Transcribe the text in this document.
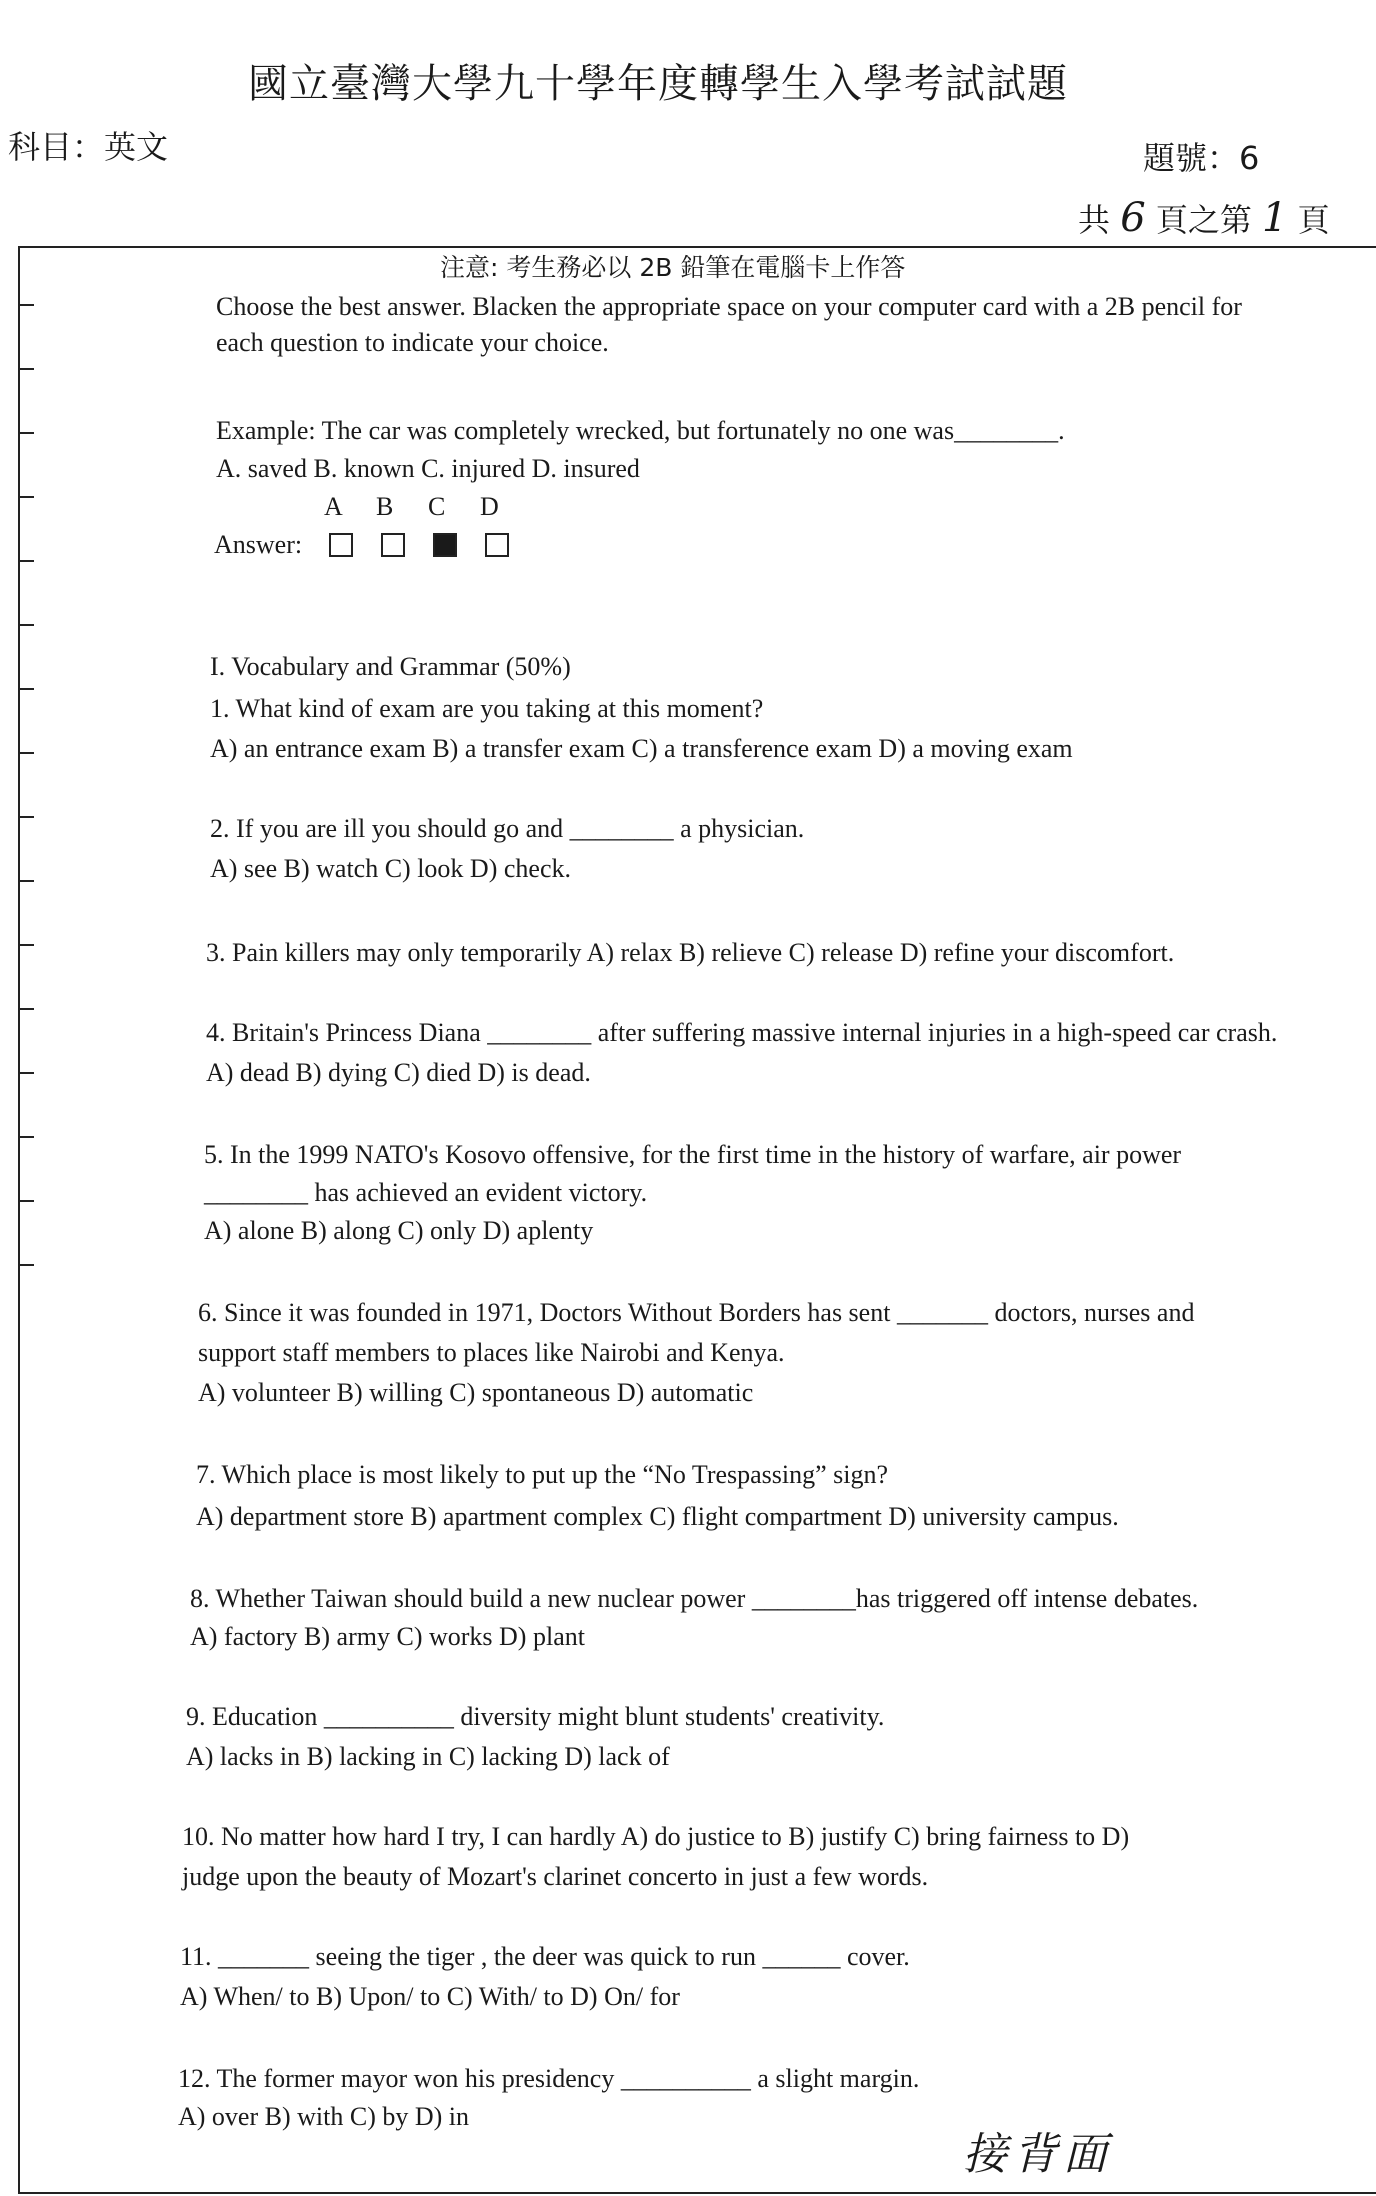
國立臺灣大學九十學年度轉學生入學考試試題
科目：英文	題號：6
共 6 頁之第 1 頁
注意: 考生務必以 2B 鉛筆在電腦卡上作答
Choose the best answer. Blacken the appropriate space on your computer card with a 2B pencil for
each question to indicate your choice.
Example: The car was completely wrecked, but fortunately no one was________.
A. saved B. known C. injured D. insured
A B C D
Answer:
I. Vocabulary and Grammar (50%)
1. What kind of exam are you taking at this moment?
A) an entrance exam B) a transfer exam C) a transference exam D) a moving exam
2. If you are ill you should go and ________ a physician.
A) see B) watch C) look D) check.
3. Pain killers may only temporarily A) relax B) relieve C) release D) refine your discomfort.
4. Britain's Princess Diana ________ after suffering massive internal injuries in a high-speed car crash.
A) dead B) dying C) died D) is dead.
5. In the 1999 NATO's Kosovo offensive, for the first time in the history of warfare, air power
________ has achieved an evident victory.
A) alone B) along C) only D) aplenty
6. Since it was founded in 1971, Doctors Without Borders has sent _______ doctors, nurses and
support staff members to places like Nairobi and Kenya.
A) volunteer B) willing C) spontaneous D) automatic
7. Which place is most likely to put up the “No Trespassing” sign?
A) department store B) apartment complex C) flight compartment D) university campus.
8. Whether Taiwan should build a new nuclear power ________has triggered off intense debates.
A) factory B) army C) works D) plant
9. Education __________ diversity might blunt students' creativity.
A) lacks in B) lacking in C) lacking D) lack of
10. No matter how hard I try, I can hardly A) do justice to B) justify C) bring fairness to D)
judge upon the beauty of Mozart's clarinet concerto in just a few words.
11. _______ seeing the tiger , the deer was quick to run ______ cover.
A) When/ to B) Upon/ to C) With/ to D) On/ for
12. The former mayor won his presidency __________ a slight margin.
A) over B) with C) by D) in
接背面
